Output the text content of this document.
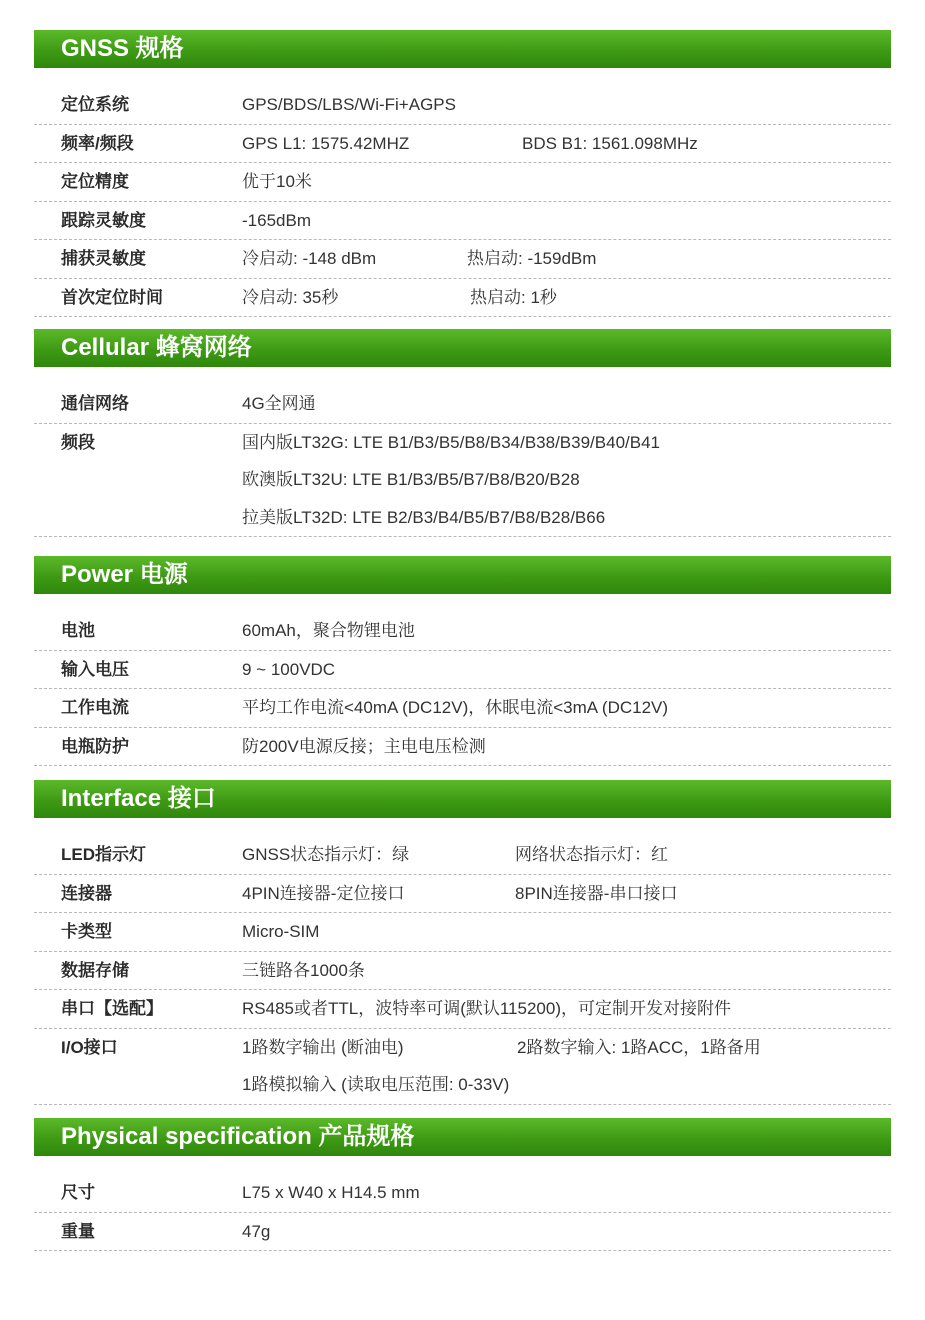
GNSS 规格
定位系统	GPS/BDS/LBS/Wi-Fi+AGPS
频率/频段	GPS L1: 1575.42MHZ	BDS B1: 1561.098MHz
定位精度	优于10米
跟踪灵敏度	-165dBm
捕获灵敏度	冷启动: -148 dBm	热启动: -159dBm
首次定位时间	冷启动: 35秒	热启动: 1秒
Cellular 蜂窝网络
通信网络	4G全网通
频段	国内版LT32G: LTE B1/B3/B5/B8/B34/B38/B39/B40/B41
欧澳版LT32U: LTE B1/B3/B5/B7/B8/B20/B28
拉美版LT32D: LTE B2/B3/B4/B5/B7/B8/B28/B66
Power 电源
电池	60mAh，聚合物锂电池
输入电压	9 ~ 100VDC
工作电流	平均工作电流<40mA (DC12V)，休眠电流<3mA (DC12V)
电瓶防护	防200V电源反接；主电电压检测
Interface 接口
LED指示灯	GNSS状态指示灯：绿	网络状态指示灯：红
连接器	4PIN连接器-定位接口	8PIN连接器-串口接口
卡类型	Micro-SIM
数据存储	三链路各1000条
串口【选配】	RS485或者TTL，波特率可调(默认115200)，可定制开发对接附件
I/O接口	1路数字输出 (断油电)	2路数字输入: 1路ACC，1路备用
1路模拟输入 (读取电压范围: 0-33V)
Physical specification 产品规格
尺寸	L75 x W40 x H14.5 mm
重量	47g
